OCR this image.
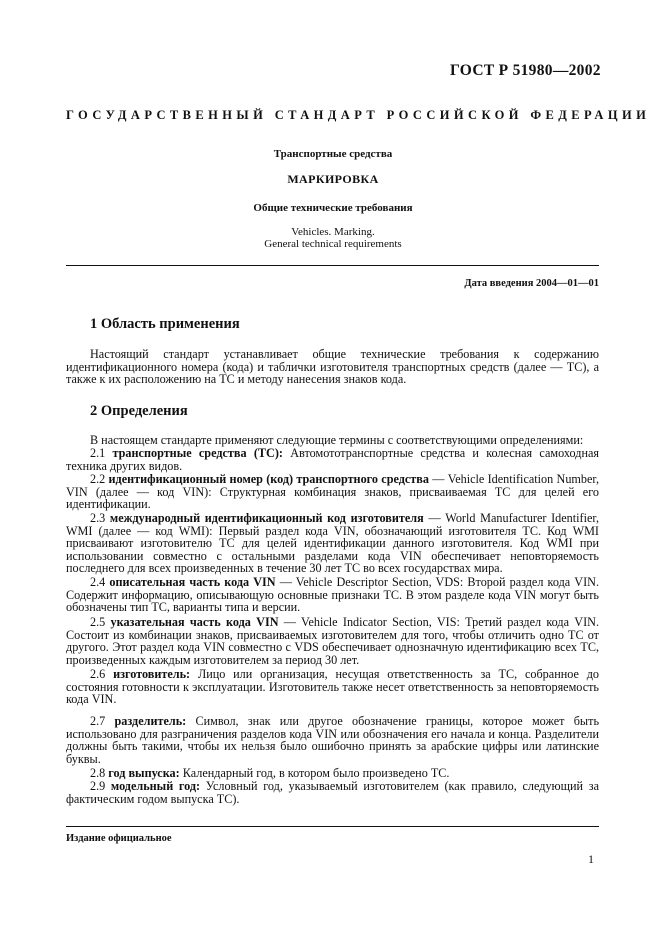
ГОСТ Р 51980—2002
ГОСУДАРСТВЕННЫЙ СТАНДАРТ РОССИЙСКОЙ ФЕДЕРАЦИИ
Транспортные средства
МАРКИРОВКА
Общие технические требования
Vehicles. Marking.
General technical requirements
Дата введения 2004—01—01
1 Область применения

Настоящий стандарт устанавливает общие технические требования к содержанию идентификационного номера (кода) и таблички изготовителя транспортных средств (далее — ТС), а также к их расположению на ТС и методу нанесения знаков кода.

2 Определения

В настоящем стандарте применяют следующие термины с соответствующими определениями:

2.1 транспортные средства (ТС): Автомототранспортные средства и колесная самоходная техника других видов.

2.2 идентификационный номер (код) транспортного средства — Vehicle Identification Number, VIN (далее — код VIN): Структурная комбинация знаков, присваиваемая ТС для целей его идентификации.

2.3 международный идентификационный код изготовителя — World Manufacturer Identifier, WMI (далее — код WMI): Первый раздел кода VIN, обозначающий изготовителя ТС. Код WMI присваивают изготовителю ТС для целей идентификации данного изготовителя. Код WMI при использовании совместно с остальными разделами кода VIN обеспечивает неповторяемость последнего для всех произведенных в течение 30 лет ТС во всех государствах мира.

2.4 описательная часть кода VIN — Vehicle Descriptor Section, VDS: Второй раздел кода VIN. Содержит информацию, описывающую основные признаки ТС. В этом разделе кода VIN могут быть обозначены тип ТС, варианты типа и версии.

2.5 указательная часть кода VIN — Vehicle Indicator Section, VIS: Третий раздел кода VIN. Состоит из комбинации знаков, присваиваемых изготовителем для того, чтобы отличить одно ТС от другого. Этот раздел кода VIN совместно с VDS обеспечивает однозначную идентификацию всех ТС, произведенных каждым изготовителем за период 30 лет.

2.6 изготовитель: Лицо или организация, несущая ответственность за ТС, собранное до состояния готовности к эксплуатации. Изготовитель также несет ответственность за неповторяемость кода VIN.

2.7 разделитель: Символ, знак или другое обозначение границы, которое может быть использовано для разграничения разделов кода VIN или обозначения его начала и конца. Разделители должны быть такими, чтобы их нельзя было ошибочно принять за арабские цифры или латинские буквы.

2.8 год выпуска: Календарный год, в котором было произведено ТС.

2.9 модельный год: Условный год, указываемый изготовителем (как правило, следующий за фактическим годом выпуска ТС).

Издание официальное
1
